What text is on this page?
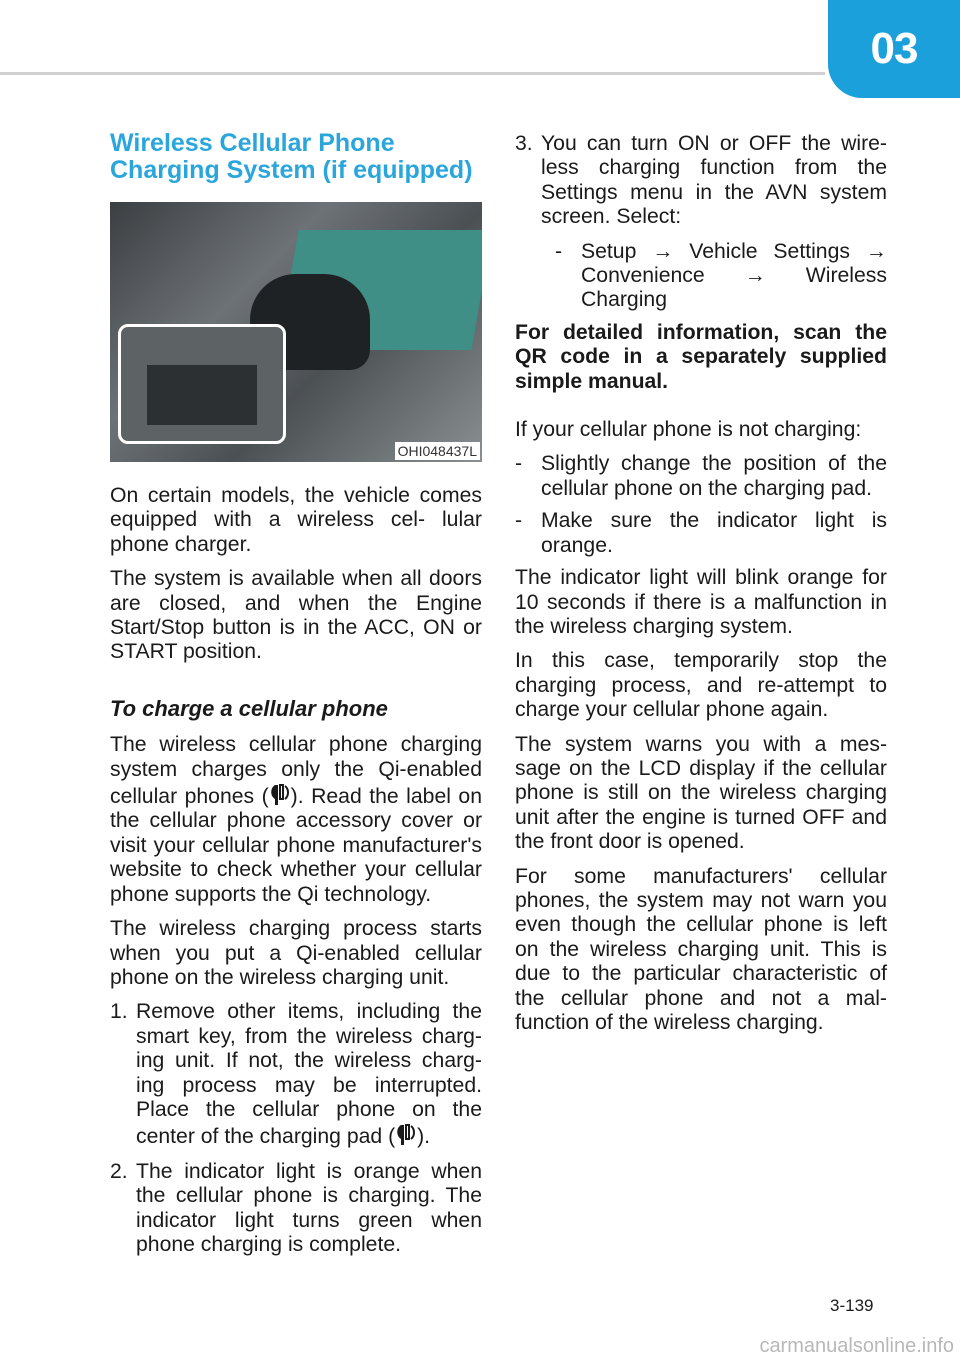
03
Wireless Cellular Phone Charging System (if equipped)
OHI048437L

On certain models, the vehicle comes equipped with a wireless cel- lular phone charger.

The system is available when all doors are closed, and when the Engine Start/Stop button is in the ACC, ON or START position.

To charge a cellular phone

The wireless cellular phone charging system charges only the Qi-enabled cellular phones ( ). Read the label on the cellular phone accessory cover or visit your cellular phone manufacturer's website to check whether your cellular phone supports the Qi technology.

The wireless charging process starts when you put a Qi-enabled cellular phone on the wireless charging unit.

1. Remove other items, including the smart key, from the wireless charg- ing unit. If not, the wireless charg- ing process may be interrupted. Place the cellular phone on the center of the charging pad ( ).
2. The indicator light is orange when the cellular phone is charging. The indicator light turns green when phone charging is complete.
3. You can turn ON or OFF the wire- less charging function from the Settings menu in the AVN system screen. Select:
- Setup → Vehicle Settings → Convenience → Wireless Charging

For detailed information, scan the QR code in a separately supplied simple manual.

If your cellular phone is not charging:

- Slightly change the position of the cellular phone on the charging pad.
- Make sure the indicator light is orange.

The indicator light will blink orange for 10 seconds if there is a malfunction in the wireless charging system.

In this case, temporarily stop the charging process, and re-attempt to charge your cellular phone again.

The system warns you with a mes- sage on the LCD display if the cellular phone is still on the wireless charging unit after the engine is turned OFF and the front door is opened.

For some manufacturers' cellular phones, the system may not warn you even though the cellular phone is left on the wireless charging unit. This is due to the particular characteristic of the cellular phone and not a mal- function of the wireless charging.

3-139
carmanualsonline.info
